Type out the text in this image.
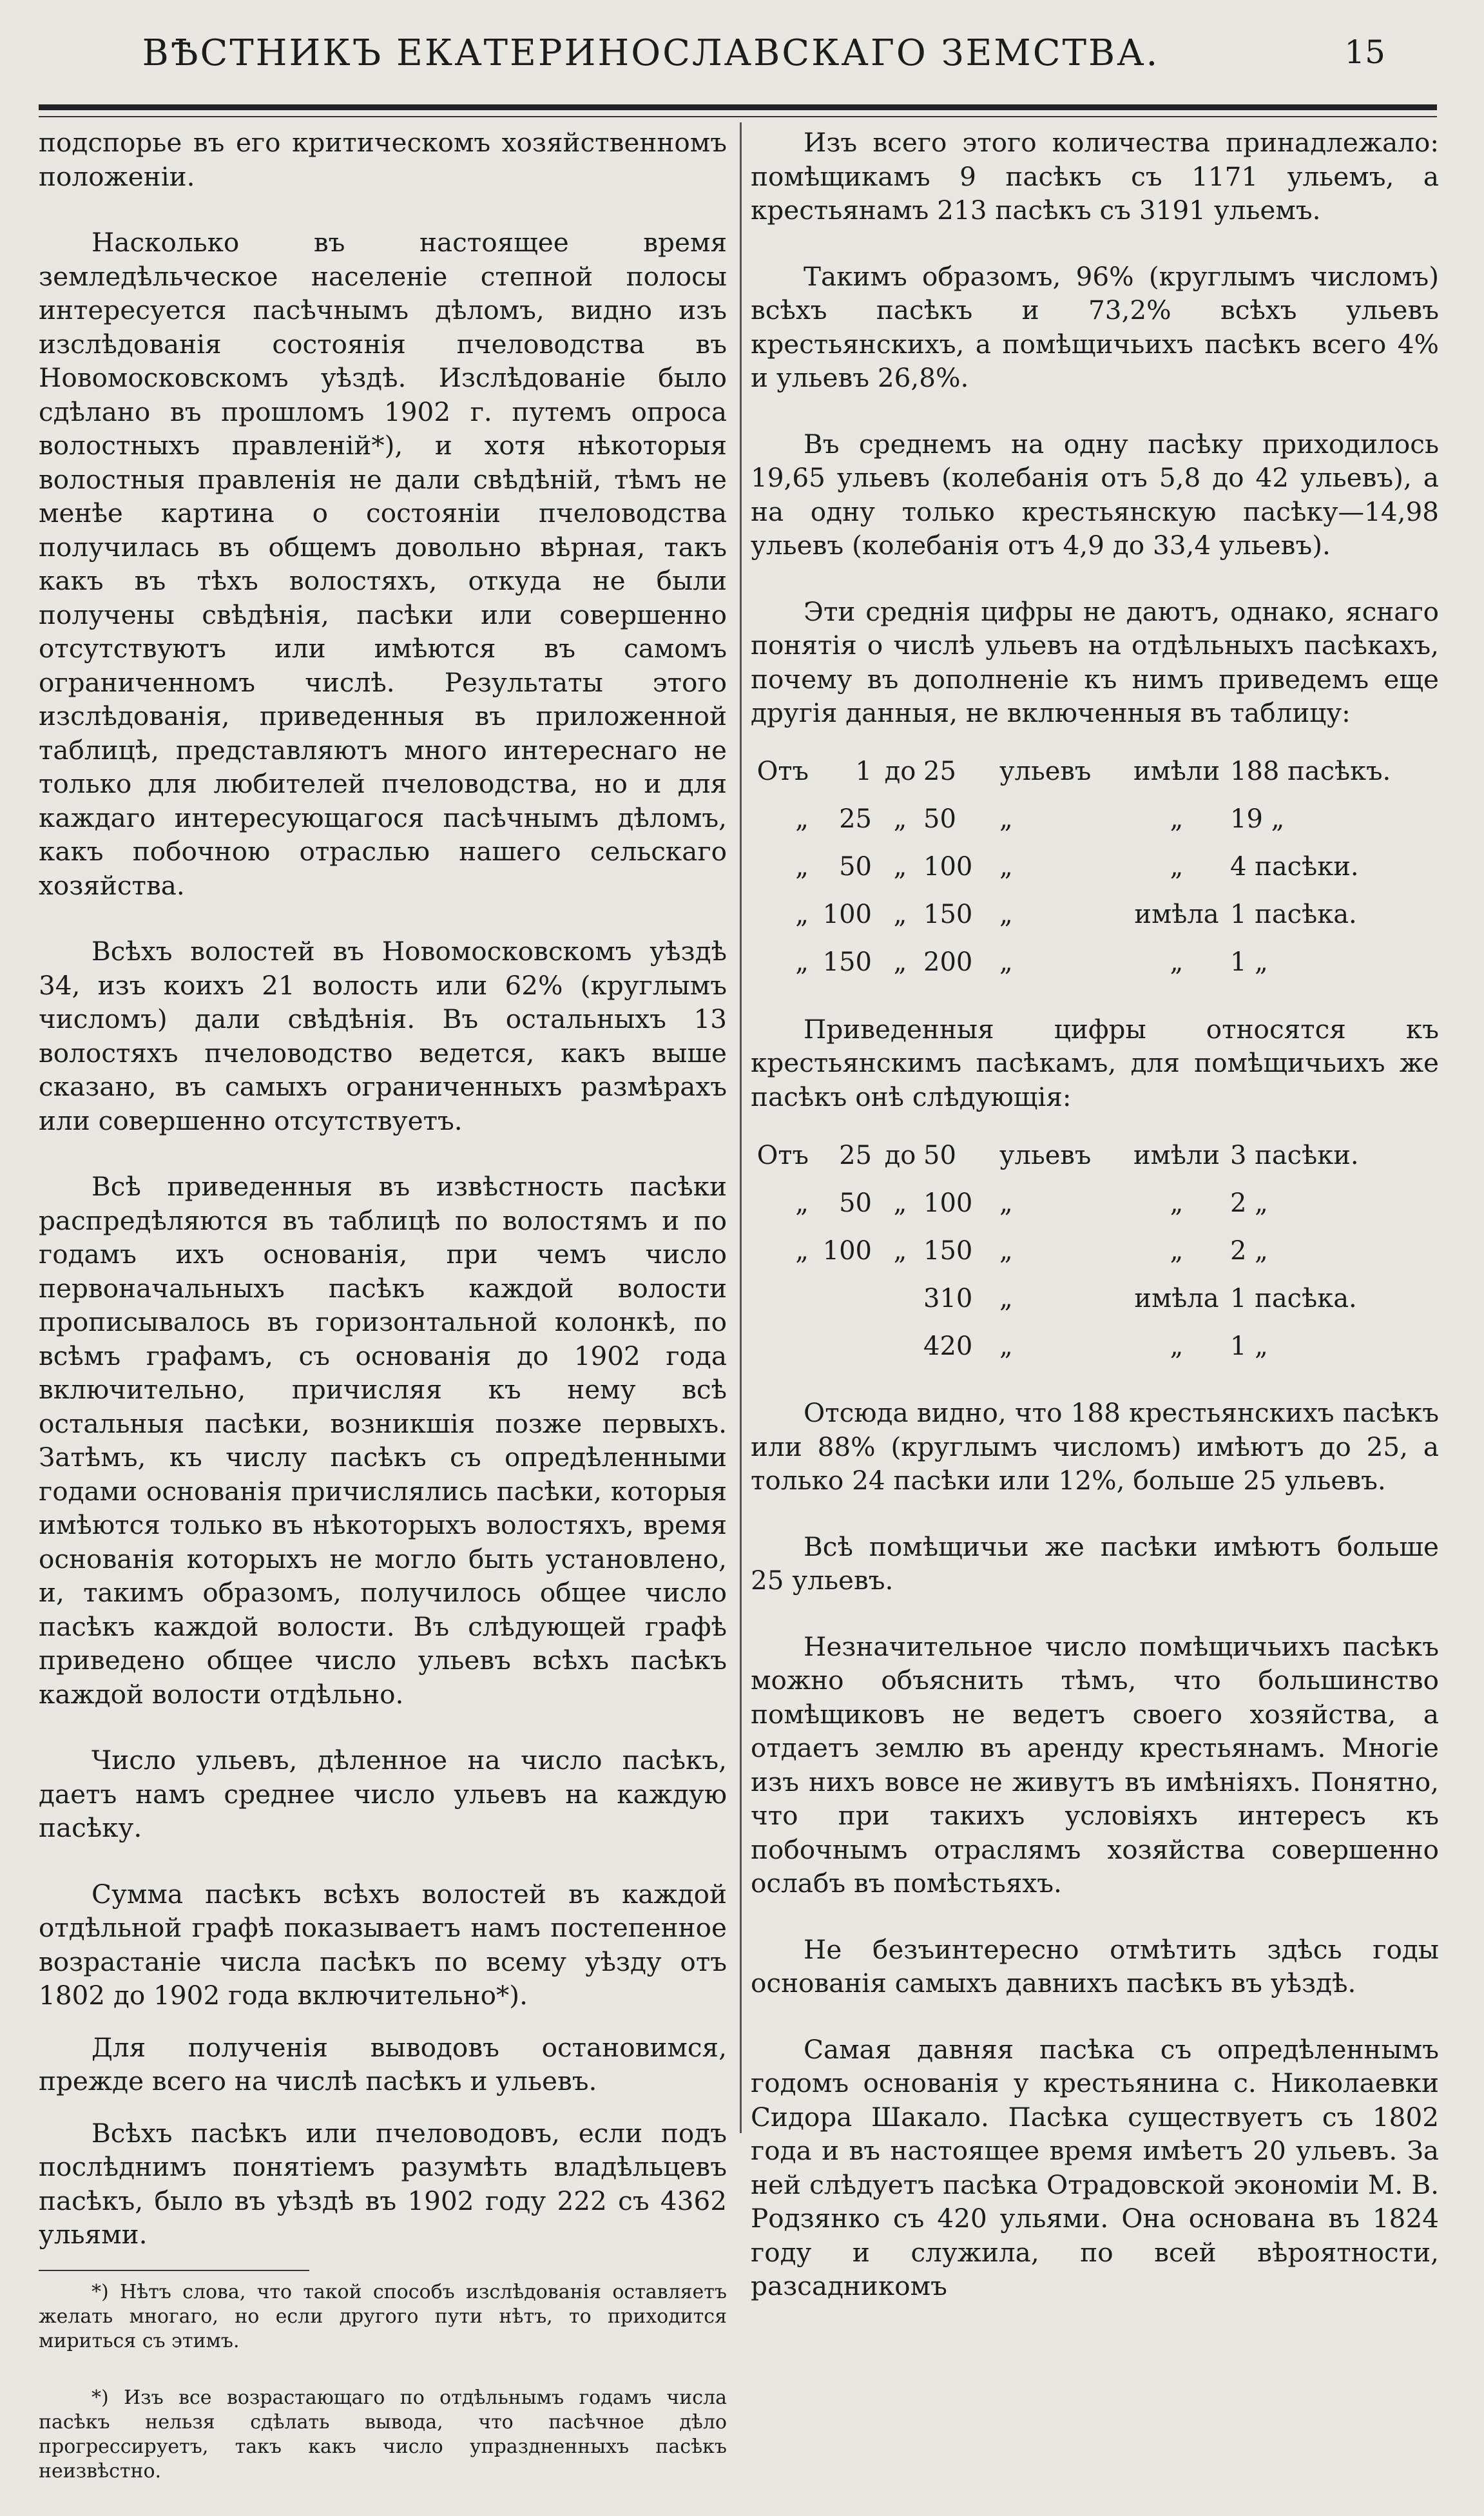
ВѢСТНИКЪ ЕКАТЕРИНОСЛАВСКАГО ЗЕМСТВА.	15

подспорье въ его критическомъ хозяйственномъ положеніи.

Насколько въ настоящее время земледѣльческое населеніе степной полосы интересуется пасѣчнымъ дѣломъ, видно изъ изслѣдованія состоянія пчеловодства въ Новомосковскомъ уѣздѣ. Изслѣдованіе было сдѣлано въ прошломъ 1902 г. путемъ опроса волостныхъ правленій*), и хотя нѣкоторыя волостныя правленія не дали свѣдѣній, тѣмъ не менѣе картина о состояніи пчеловодства получилась въ общемъ довольно вѣрная, такъ какъ въ тѣхъ волостяхъ, откуда не были получены свѣдѣнія, пасѣки или совершенно отсутствуютъ или имѣются въ самомъ ограниченномъ числѣ. Результаты этого изслѣдованія, приведенныя въ приложенной таблицѣ, представляютъ много интереснаго не только для любителей пчеловодства, но и для каждаго интересующагося пасѣчнымъ дѣломъ, какъ побочною отраслью нашего сельскаго хозяйства.

Всѣхъ волостей въ Новомосковскомъ уѣздѣ 34, изъ коихъ 21 волость или 62% (круглымъ числомъ) дали свѣдѣнія. Въ остальныхъ 13 волостяхъ пчеловодство ведется, какъ выше сказано, въ самыхъ ограниченныхъ размѣрахъ или совершенно отсутствуетъ.

Всѣ приведенныя въ извѣстность пасѣки распредѣляются въ таблицѣ по волостямъ и по годамъ ихъ основанія, при чемъ число первоначальныхъ пасѣкъ каждой волости прописывалось въ горизонтальной колонкѣ, по всѣмъ графамъ, съ основанія до 1902 года включительно, причисляя къ нему всѣ остальныя пасѣки, возникшія позже первыхъ. Затѣмъ, къ числу пасѣкъ съ опредѣленными годами основанія причислялись пасѣки, которыя имѣются только въ нѣкоторыхъ волостяхъ, время основанія которыхъ не могло быть установлено, и, такимъ образомъ, получилось общее число пасѣкъ каждой волости. Въ слѣдующей графѣ приведено общее число ульевъ всѣхъ пасѣкъ каждой волости отдѣльно.

Число ульевъ, дѣленное на число пасѣкъ, даетъ намъ среднее число ульевъ на каждую пасѣку.

Сумма пасѣкъ всѣхъ волостей въ каждой отдѣльной графѣ показываетъ намъ постепенное возрастаніе числа пасѣкъ по всему уѣзду отъ 1802 до 1902 года включительно*).

Для полученія выводовъ остановимся, прежде всего на числѣ пасѣкъ и ульевъ.

Всѣхъ пасѣкъ или пчеловодовъ, если подъ послѣднимъ понятіемъ разумѣть владѣльцевъ пасѣкъ, было въ уѣздѣ въ 1902 году 222 съ 4362 ульями.

*) Нѣтъ слова, что такой способъ изслѣдованія оставляетъ желать многаго, но если другого пути нѣтъ, то приходится мириться съ этимъ.

*) Изъ все возрастающаго по отдѣльнымъ годамъ числа пасѣкъ нельзя сдѣлать вывода, что пасѣчное дѣло прогрессируетъ, такъ какъ число упраздненныхъ пасѣкъ неизвѣстно.

Изъ всего этого количества принадлежало: помѣщикамъ 9 пасѣкъ съ 1171 ульемъ, а крестьянамъ 213 пасѣкъ съ 3191 ульемъ.

Такимъ образомъ, 96% (круглымъ числомъ) всѣхъ пасѣкъ и 73,2% всѣхъ ульевъ крестьянскихъ, а помѣщичьихъ пасѣкъ всего 4% и ульевъ 26,8%.

Въ среднемъ на одну пасѣку приходилось 19,65 ульевъ (колебанія отъ 5,8 до 42 ульевъ), а на одну только крестьянскую пасѣку—14,98 ульевъ (колебанія отъ 4,9 до 33,4 ульевъ).

Эти среднія цифры не даютъ, однако, яснаго понятія о числѣ ульевъ на отдѣльныхъ пасѣкахъ, почему въ дополненіе къ нимъ приведемъ еще другія данныя, не включенныя въ таблицу:

Отъ	1	до	25	ульевъ	имѣли	188 пасѣкъ.
„	25	„	50	„	„	19 „
„	50	„	100	„	„	4 пасѣки.
„	100	„	150	„	имѣла	1 пасѣка.
„	150	„	200	„	„	1 „

Приведенныя цифры относятся къ крестьянскимъ пасѣкамъ, для помѣщичьихъ же пасѣкъ онѣ слѣдующія:

Отъ	25	до	50	ульевъ	имѣли	3 пасѣки.
„	50	„	100	„	„	2 „
„	100	„	150	„	„	2 „
			310	„	имѣла	1 пасѣка.
			420	„	„	1 „

Отсюда видно, что 188 крестьянскихъ пасѣкъ или 88% (круглымъ числомъ) имѣютъ до 25, а только 24 пасѣки или 12%, больше 25 ульевъ.

Всѣ помѣщичьи же пасѣки имѣютъ больше 25 ульевъ.

Незначительное число помѣщичьихъ пасѣкъ можно объяснить тѣмъ, что большинство помѣщиковъ не ведетъ своего хозяйства, а отдаетъ землю въ аренду крестьянамъ. Многіе изъ нихъ вовсе не живутъ въ имѣніяхъ. Понятно, что при такихъ условіяхъ интересъ къ побочнымъ отраслямъ хозяйства совершенно ослабъ въ помѣстьяхъ.

Не безъинтересно отмѣтить здѣсь годы основанія самыхъ давнихъ пасѣкъ въ уѣздѣ.

Самая давняя пасѣка съ опредѣленнымъ годомъ основанія у крестьянина с. Николаевки Сидора Шакало. Пасѣка существуетъ съ 1802 года и въ настоящее время имѣетъ 20 ульевъ. За ней слѣдуетъ пасѣка Отрадовской экономіи М. В. Родзянко съ 420 ульями. Она основана въ 1824 году и служила, по всей вѣроятности, разсадникомъ
